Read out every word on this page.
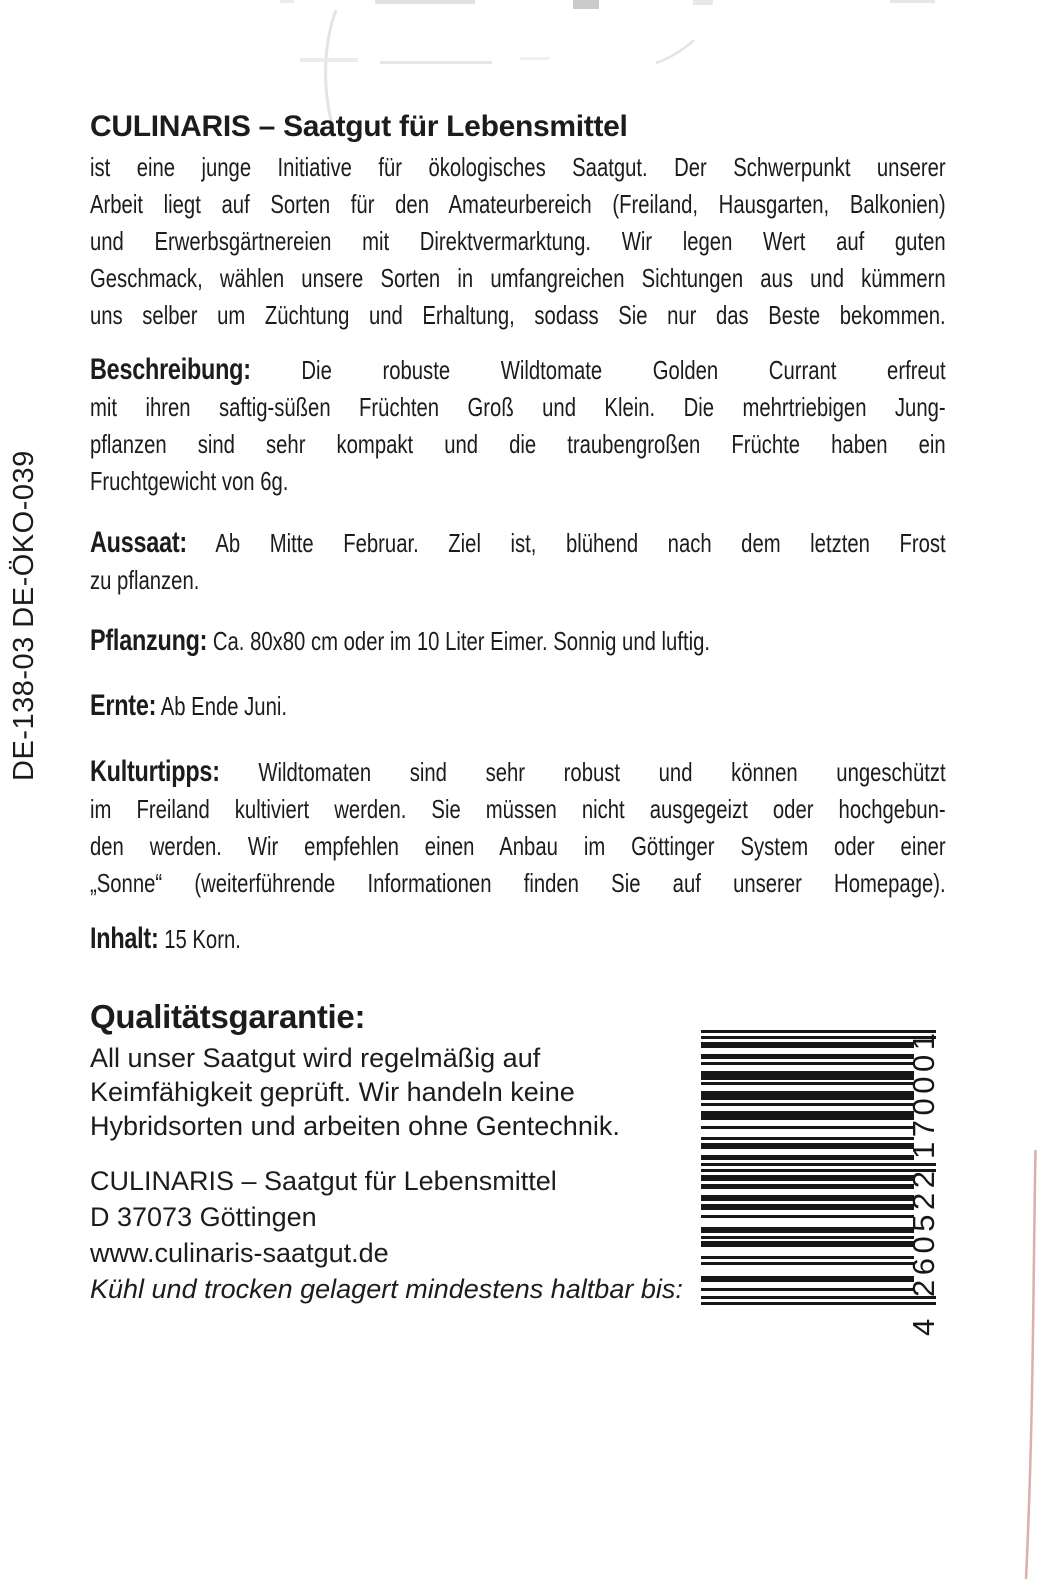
DE-138-03 DE-ÖKO-039
CULINARIS – Saatgut für Lebensmittel
ist eine junge Initiative für ökologisches Saatgut. Der Schwerpunkt unserer
Arbeit liegt auf Sorten für den Amateurbereich (Freiland, Hausgarten, Balkonien)
und Erwerbsgärtnereien mit Direktvermarktung. Wir legen Wert auf guten
Geschmack, wählen unsere Sorten in umfangreichen Sichtungen aus und kümmern
uns selber um Züchtung und Erhaltung, sodass Sie nur das Beste bekommen.
Beschreibung: Die robuste Wildtomate Golden Currant erfreut
mit ihren saftig-süßen Früchten Groß und Klein. Die mehrtriebigen Jung-
pflanzen sind sehr kompakt und die traubengroßen Früchte haben ein
Fruchtgewicht von 6g.
Aussaat: Ab Mitte Februar. Ziel ist, blühend nach dem letzten Frost
zu pflanzen.
Pflanzung: Ca. 80x80 cm oder im 10 Liter Eimer. Sonnig und luftig.
Ernte: Ab Ende Juni.
Kulturtipps: Wildtomaten sind sehr robust und können ungeschützt
im Freiland kultiviert werden. Sie müssen nicht ausgegeizt oder hochgebun-
den werden. Wir empfehlen einen Anbau im Göttinger System oder einer
„Sonne“ (weiterführende Informationen finden Sie auf unserer Homepage).
Inhalt: 15 Korn.
Qualitätsgarantie:
All unser Saatgut wird regelmäßig auf
Keimfähigkeit geprüft. Wir handeln keine
Hybridsorten und arbeiten ohne Gentechnik.
CULINARIS – Saatgut für Lebensmittel
D 37073 Göttingen
www.culinaris-saatgut.de
Kühl und trocken gelagert mindestens haltbar bis:
4
2
6
0
5
2
2
1
7
0
0
0
1
